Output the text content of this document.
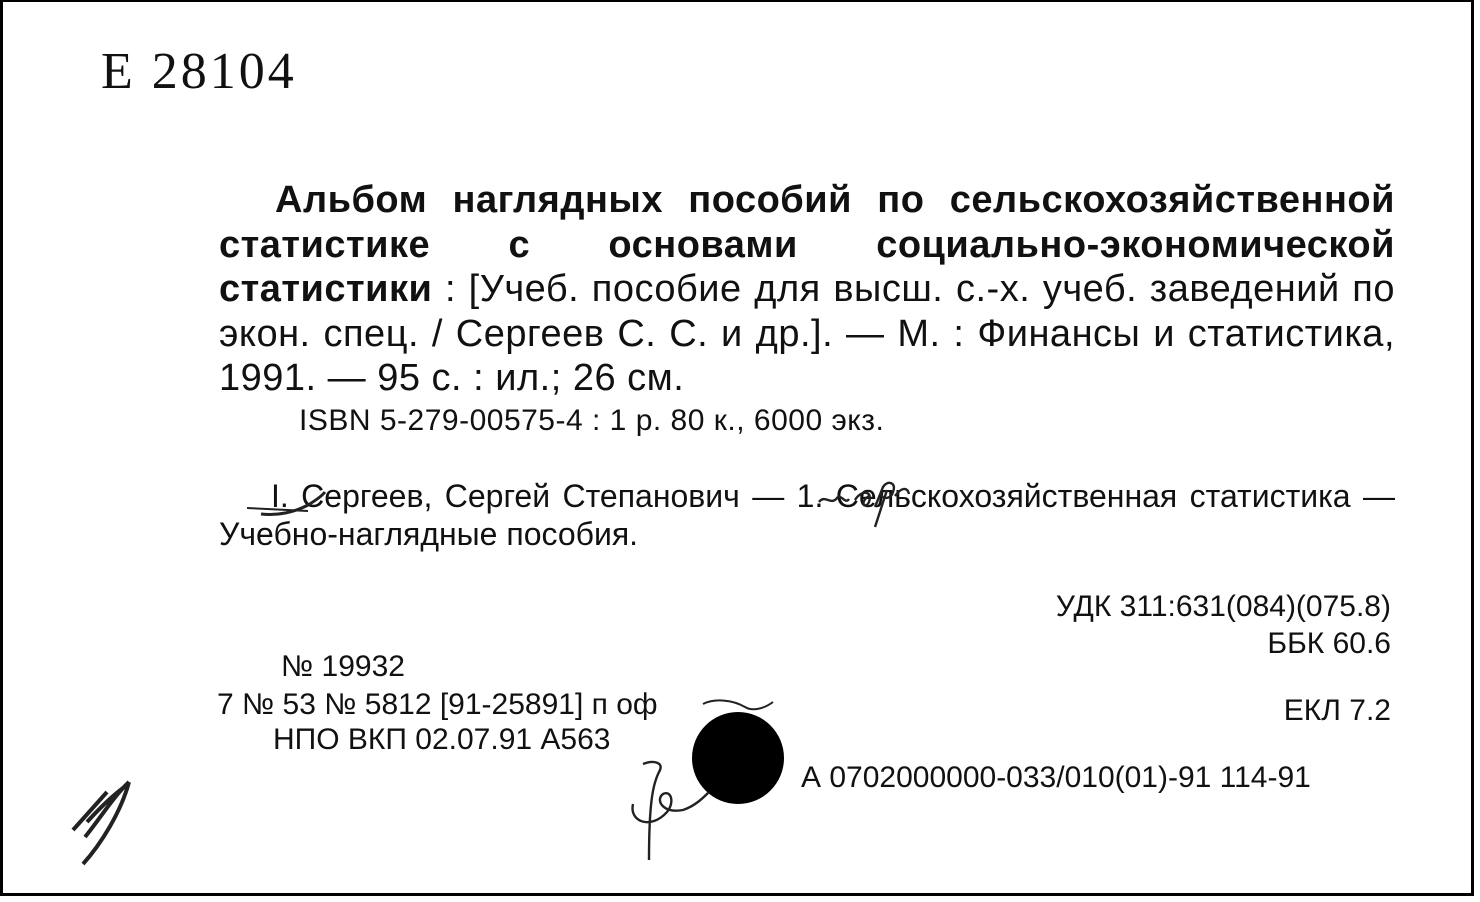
Е 28104
Альбом наглядных пособий по сельскохозяйственной статистике с основами социально-экономической статистики : [Учеб. пособие для высш. с.-х. учеб. заведений по экон. спец. / Сергеев С. С. и др.]. — М. : Финансы и статистика, 1991. — 95 с. : ил.; 26 см.
ISBN 5-279-00575-4 : 1 р. 80 к., 6000 экз.
I. Сергеев, Сергей Степанович — 1. Сельскохозяйственная статистика — Учебно-наглядные пособия.
УДК 311:631(084)(075.8)
ББК 60.6
ЕКЛ 7.2
№ 19932
7 № 53 № 5812 [91-25891] п оф
НПО ВКП 02.07.91 А563
А 0702000000-033/010(01)-91 114-91
